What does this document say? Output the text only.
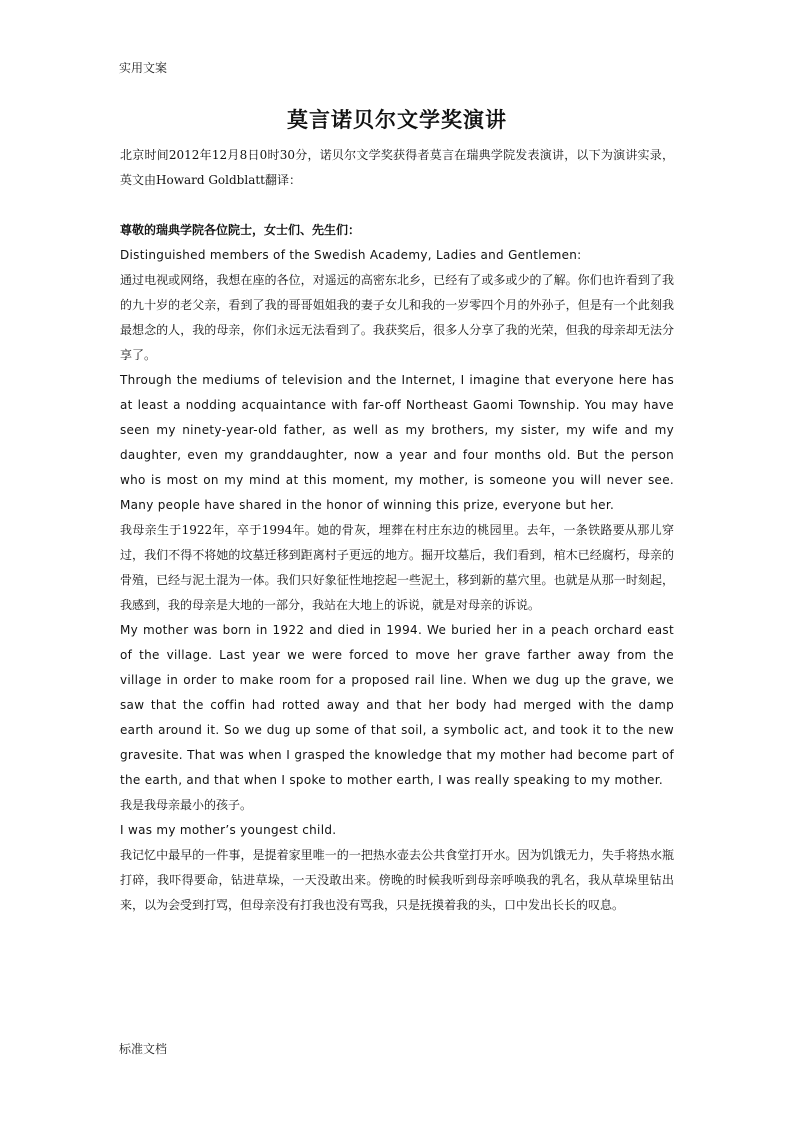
实用文案
莫言诺贝尔文学奖演讲

北京时间2012年12月8日0时30分，诺贝尔文学奖获得者莫言在瑞典学院发表演讲，以下为演讲实录，英文由Howard Goldblatt翻译：

尊敬的瑞典学院各位院士，女士们、先生们：

Distinguished members of the Swedish Academy, Ladies and Gentlemen:

通过电视或网络，我想在座的各位，对遥远的高密东北乡，已经有了或多或少的了解。你们也许看到了我的九十岁的老父亲，看到了我的哥哥姐姐我的妻子女儿和我的一岁零四个月的外孙子，但是有一个此刻我最想念的人，我的母亲，你们永远无法看到了。我获奖后，很多人分享了我的光荣，但我的母亲却无法分享了。

Through the mediums of television and the Internet, I imagine that everyone here has at least a nodding acquaintance with far-off Northeast Gaomi Township. You may have seen my ninety-year-old father, as well as my brothers, my sister, my wife and my daughter, even my granddaughter, now a year and four months old. But the person who is most on my mind at this moment, my mother, is someone you will never see. Many people have shared in the honor of winning this prize, everyone but her.

我母亲生于1922年，卒于1994年。她的骨灰，埋葬在村庄东边的桃园里。去年，一条铁路要从那儿穿过，我们不得不将她的坟墓迁移到距离村子更远的地方。掘开坟墓后，我们看到，棺木已经腐朽，母亲的骨殖，已经与泥土混为一体。我们只好象征性地挖起一些泥土，移到新的墓穴里。也就是从那一时刻起，我感到，我的母亲是大地的一部分，我站在大地上的诉说，就是对母亲的诉说。

My mother was born in 1922 and died in 1994. We buried her in a peach orchard east of the village. Last year we were forced to move her grave farther away from the village in order to make room for a proposed rail line. When we dug up the grave, we saw that the coffin had rotted away and that her body had merged with the damp earth around it. So we dug up some of that soil, a symbolic act, and took it to the new gravesite. That was when I grasped the knowledge that my mother had become part of the earth, and that when I spoke to mother earth, I was really speaking to my mother.

我是我母亲最小的孩子。

I was my mother’s youngest child.

我记忆中最早的一件事，是提着家里唯一的一把热水壶去公共食堂打开水。因为饥饿无力，失手将热水瓶打碎，我吓得要命，钻进草垛，一天没敢出来。傍晚的时候我听到母亲呼唤我的乳名，我从草垛里钻出来，以为会受到打骂，但母亲没有打我也没有骂我，只是抚摸着我的头，口中发出长长的叹息。

标准文档
